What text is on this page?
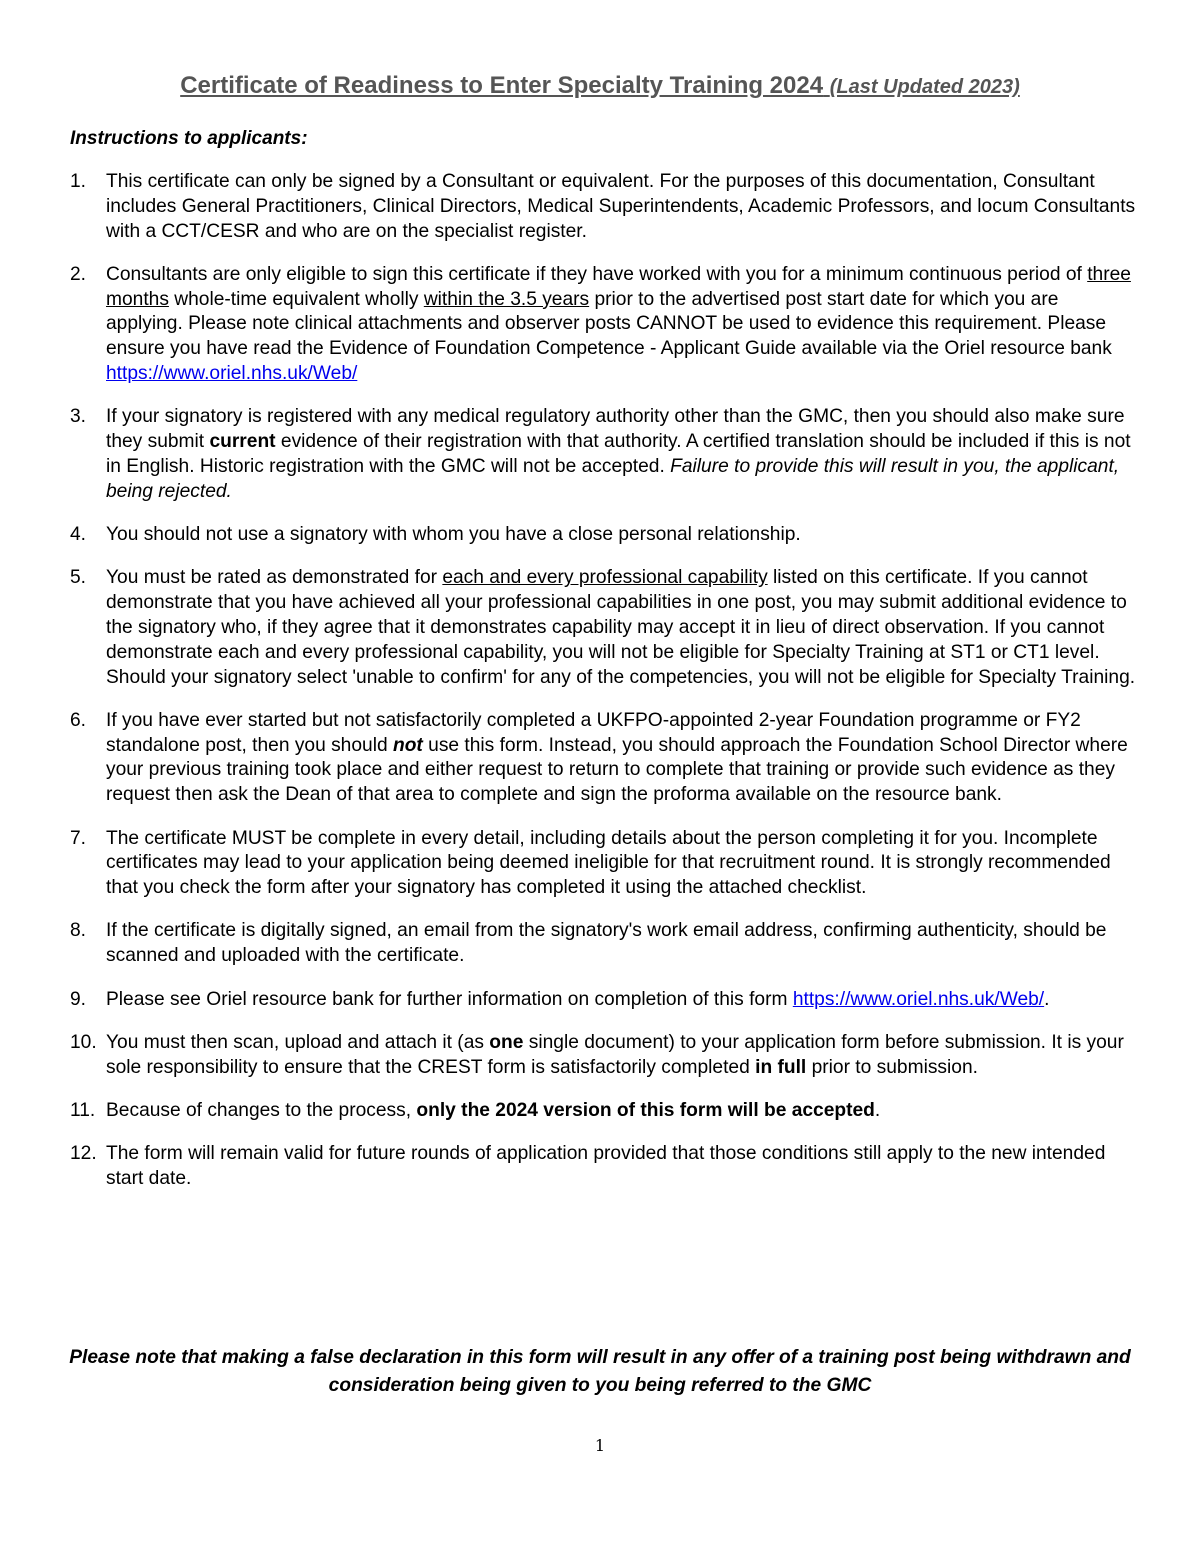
Certificate of Readiness to Enter Specialty Training 2024 (Last Updated 2023)
Instructions to applicants:
1. This certificate can only be signed by a Consultant or equivalent. For the purposes of this documentation, Consultant includes General Practitioners, Clinical Directors, Medical Superintendents, Academic Professors, and locum Consultants with a CCT/CESR and who are on the specialist register.
2. Consultants are only eligible to sign this certificate if they have worked with you for a minimum continuous period of three months whole-time equivalent wholly within the 3.5 years prior to the advertised post start date for which you are applying. Please note clinical attachments and observer posts CANNOT be used to evidence this requirement. Please ensure you have read the Evidence of Foundation Competence - Applicant Guide available via the Oriel resource bank https://www.oriel.nhs.uk/Web/
3. If your signatory is registered with any medical regulatory authority other than the GMC, then you should also make sure they submit current evidence of their registration with that authority. A certified translation should be included if this is not in English. Historic registration with the GMC will not be accepted. Failure to provide this will result in you, the applicant, being rejected.
4. You should not use a signatory with whom you have a close personal relationship.
5. You must be rated as demonstrated for each and every professional capability listed on this certificate. If you cannot demonstrate that you have achieved all your professional capabilities in one post, you may submit additional evidence to the signatory who, if they agree that it demonstrates capability may accept it in lieu of direct observation. If you cannot demonstrate each and every professional capability, you will not be eligible for Specialty Training at ST1 or CT1 level. Should your signatory select 'unable to confirm' for any of the competencies, you will not be eligible for Specialty Training.
6. If you have ever started but not satisfactorily completed a UKFPO-appointed 2-year Foundation programme or FY2 standalone post, then you should not use this form. Instead, you should approach the Foundation School Director where your previous training took place and either request to return to complete that training or provide such evidence as they request then ask the Dean of that area to complete and sign the proforma available on the resource bank.
7. The certificate MUST be complete in every detail, including details about the person completing it for you. Incomplete certificates may lead to your application being deemed ineligible for that recruitment round. It is strongly recommended that you check the form after your signatory has completed it using the attached checklist.
8. If the certificate is digitally signed, an email from the signatory's work email address, confirming authenticity, should be scanned and uploaded with the certificate.
9. Please see Oriel resource bank for further information on completion of this form https://www.oriel.nhs.uk/Web/.
10. You must then scan, upload and attach it (as one single document) to your application form before submission. It is your sole responsibility to ensure that the CREST form is satisfactorily completed in full prior to submission.
11. Because of changes to the process, only the 2024 version of this form will be accepted.
12. The form will remain valid for future rounds of application provided that those conditions still apply to the new intended start date.
Please note that making a false declaration in this form will result in any offer of a training post being withdrawn and consideration being given to you being referred to the GMC
1
